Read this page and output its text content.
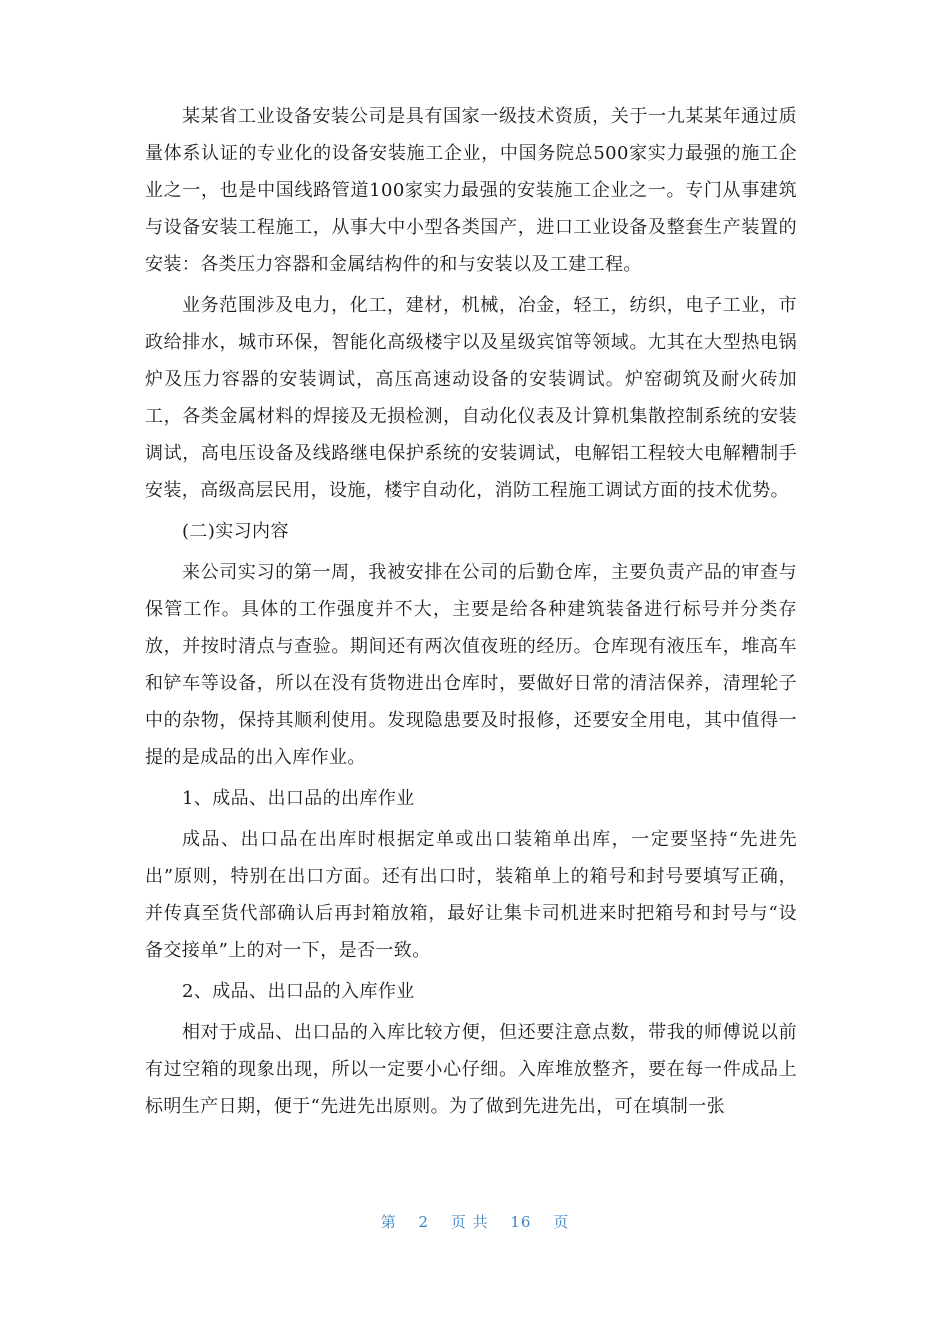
某某省工业设备安装公司是具有国家一级技术资质，关于一九某某年通过质量体系认证的专业化的设备安装施工企业，中国务院总500家实力最强的施工企业之一，也是中国线路管道100家实力最强的安装施工企业之一。专门从事建筑与设备安装工程施工，从事大中小型各类国产，进口工业设备及整套生产装置的安装：各类压力容器和金属结构件的和与安装以及工建工程。

业务范围涉及电力，化工，建材，机械，冶金，轻工，纺织，电子工业，市政给排水，城市环保，智能化高级楼宇以及星级宾馆等领域。尢其在大型热电锅炉及压力容器的安装调试，高压高速动设备的安装调试。炉窑砌筑及耐火砖加工，各类金属材料的焊接及无损检测，自动化仪表及计算机集散控制系统的安装调试，高电压设备及线路继电保护系统的安装调试，电解铝工程较大电解糟制手安装，高级高层民用，设施，楼宇自动化，消防工程施工调试方面的技术优势。

(二)实习内容

来公司实习的第一周，我被安排在公司的后勤仓库，主要负责产品的审查与保管工作。具体的工作强度并不大，主要是给各种建筑装备进行标号并分类存放，并按时清点与查验。期间还有两次值夜班的经历。仓库现有液压车，堆高车和铲车等设备，所以在没有货物进出仓库时，要做好日常的清洁保养，清理轮子中的杂物，保持其顺利使用。发现隐患要及时报修，还要安全用电，其中值得一提的是成品的出入库作业。

1、成品、出口品的出库作业

成品、出口品在出库时根据定单或出口装箱单出库，一定要坚持“先进先出”原则，特别在出口方面。还有出口时，装箱单上的箱号和封号要填写正确，并传真至货代部确认后再封箱放箱，最好让集卡司机进来时把箱号和封号与“设备交接单”上的对一下，是否一致。

2、成品、出口品的入库作业

相对于成品、出口品的入库比较方便，但还要注意点数，带我的师傅说以前有过空箱的现象出现，所以一定要小心仔细。入库堆放整齐，要在每一件成品上标明生产日期，便于“先进先出原则。为了做到先进先出，可在填制一张

第 2 页 共 16 页
